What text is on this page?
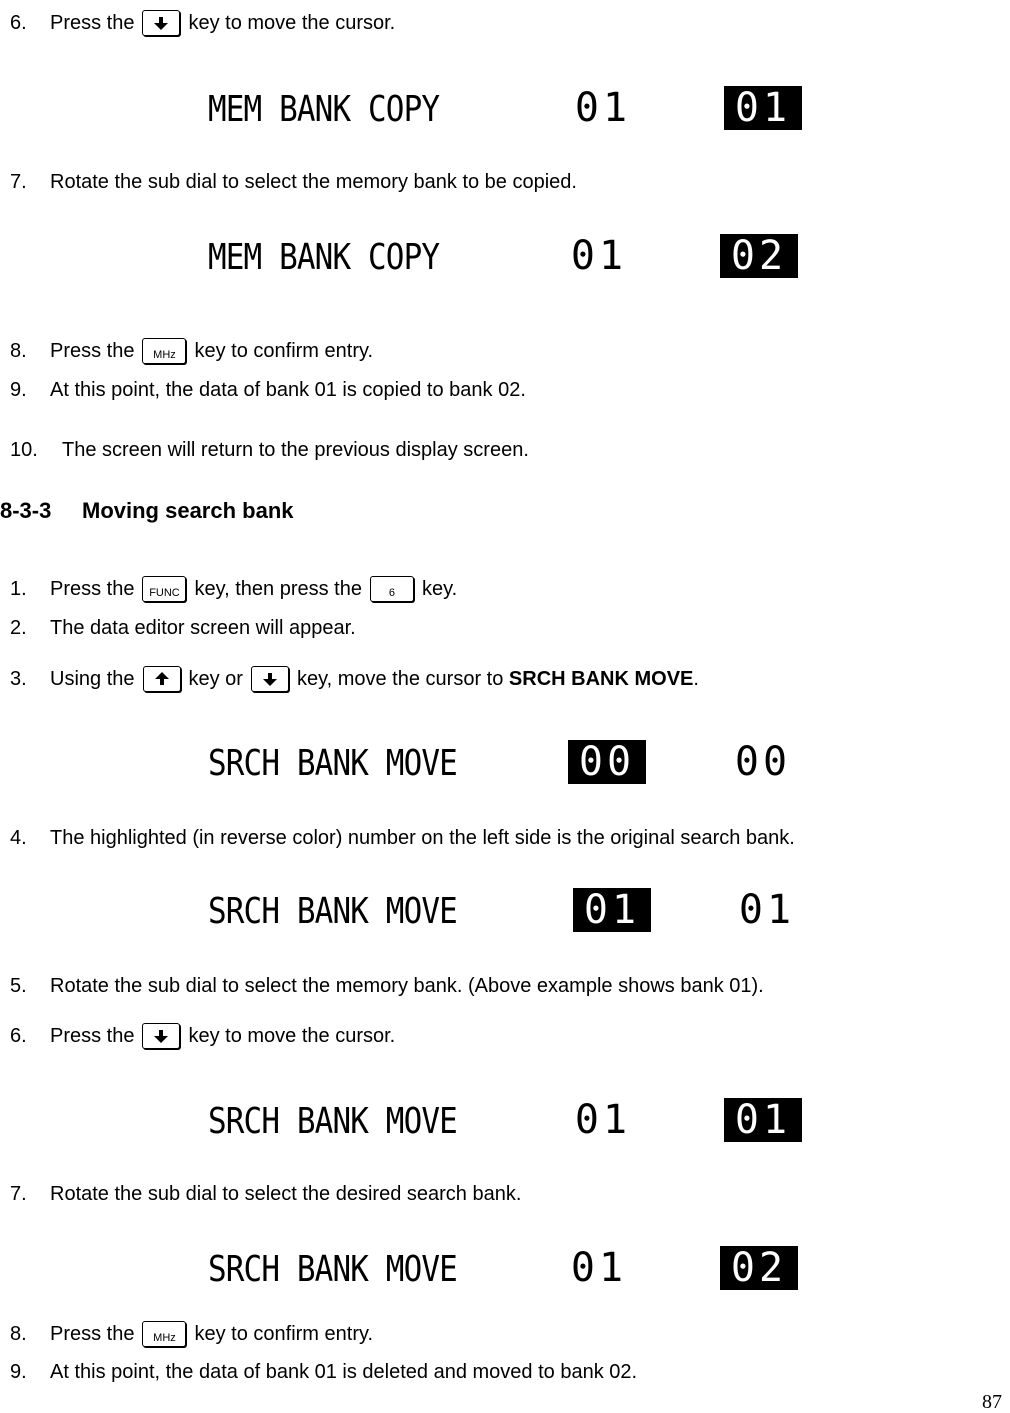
6.	Press the	key to move the cursor.
MEM BANK COPY	01	01
7.	Rotate the sub dial to select the memory bank to be copied.
MEM BANK COPY	01	02
8.	Press the	MHz key to confirm entry.
9.	At this point, the data of bank 01 is copied to bank 02.
10.	The screen will return to the previous display screen.
8-3-3 Moving search bank
1.	Press the	FUNC key, then press the	6	key.
2.	The data editor screen will appear.
3.	Using the	key or	key, move the cursor to
SRCH BANK MOVE .
SRCH BANK MOVE	00 00
4.	The highlighted (in reverse color) number on the left side is the original search bank.
SRCH BANK MOVE	01 01
5.	Rotate the sub dial to select the memory bank. (Above example shows bank 01).
6.	Press the	key to move the cursor.
SRCH BANK MOVE	01	01
7.	Rotate the sub dial to select the desired search bank.
SRCH BANK MOVE	01	02
8.	Press the	MHz key to confirm entry.
9.	At this point, the data of bank 01 is deleted and moved to bank 02.
87
